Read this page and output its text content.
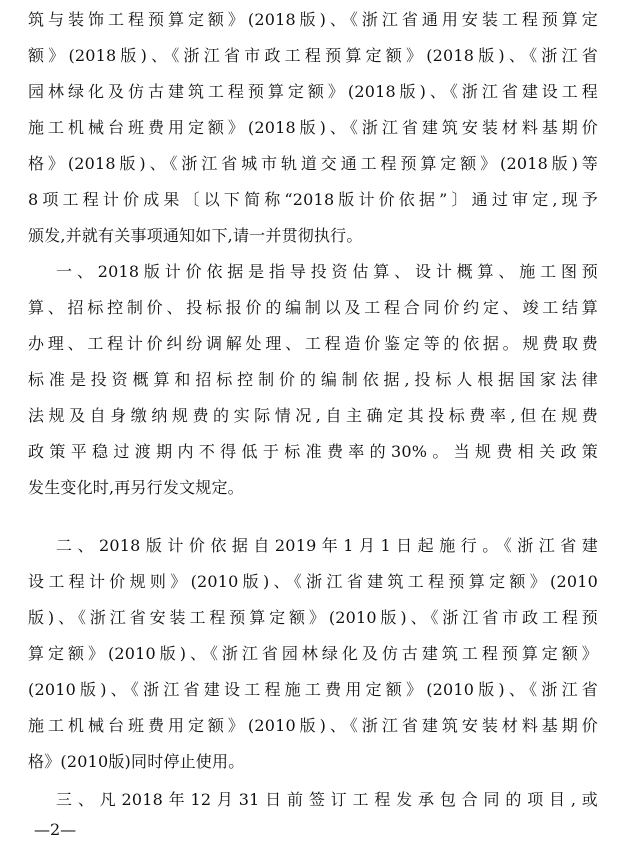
筑与装饰工程预算定额》(2018版)、《浙江省通用安装工程预算定
额》(2018版)、《浙江省市政工程预算定额》(2018版)、《浙江省
园林绿化及仿古建筑工程预算定额》(2018版)、《浙江省建设工程
施工机械台班费用定额》(2018版)、《浙江省建筑安装材料基期价
格》(2018版)、《浙江省城市轨道交通工程预算定额》(2018版)等
8项工程计价成果〔以下简称“2018版计价依据”〕通过审定,现予
颁发,并就有关事项通知如下,请一并贯彻执行。
一、2018版计价依据是指导投资估算、设计概算、施工图预
算、招标控制价、投标报价的编制以及工程合同价约定、竣工结算
办理、工程计价纠纷调解处理、工程造价鉴定等的依据。规费取费
标准是投资概算和招标控制价的编制依据,投标人根据国家法律
法规及自身缴纳规费的实际情况,自主确定其投标费率,但在规费
政策平稳过渡期内不得低于标准费率的30%。当规费相关政策
发生变化时,再另行发文规定。
二、2018版计价依据自2019年1月1日起施行。《浙江省建
设工程计价规则》(2010版)、《浙江省建筑工程预算定额》(2010
版)、《浙江省安装工程预算定额》(2010版)、《浙江省市政工程预
算定额》(2010版)、《浙江省园林绿化及仿古建筑工程预算定额》
(2010版)、《浙江省建设工程施工费用定额》(2010版)、《浙江省
施工机械台班费用定额》(2010版)、《浙江省建筑安装材料基期价
格》(2010版)同时停止使用。
三、凡2018年12月31日前签订工程发承包合同的项目,或
—2—
